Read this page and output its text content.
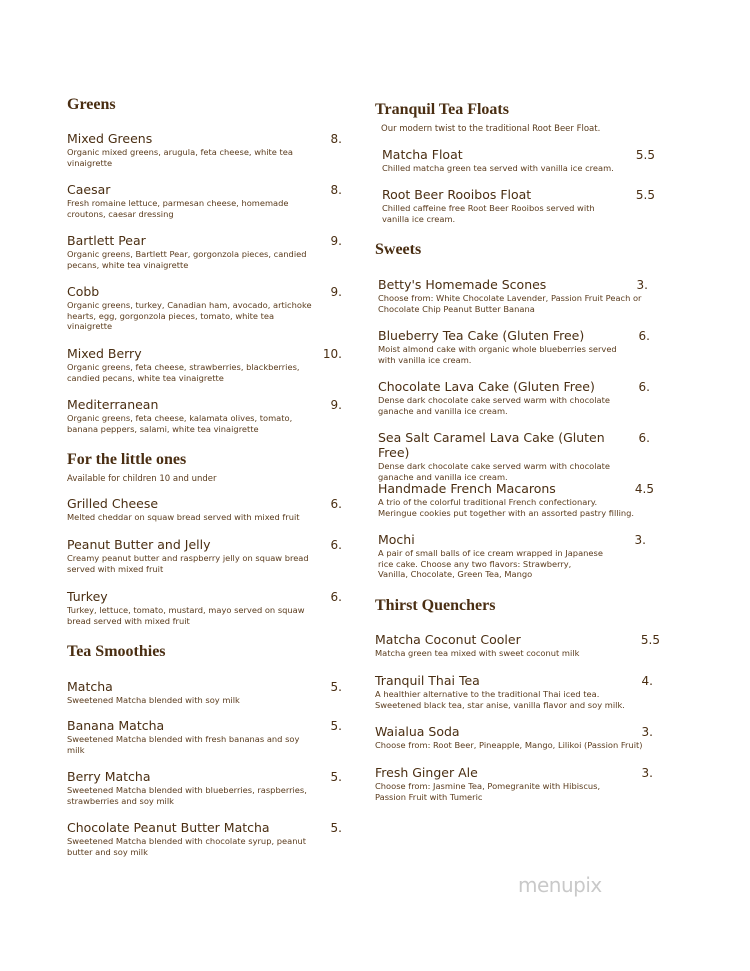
Greens
Mixed Greens	8.
Organic mixed greens, arugula, feta cheese, white tea vinaigrette
Caesar	8.
Fresh romaine lettuce, parmesan cheese, homemade croutons, caesar dressing
Bartlett Pear	9.
Organic greens, Bartlett Pear, gorgonzola pieces, candied pecans, white tea vinaigrette
Cobb	9.
Organic greens, turkey, Canadian ham, avocado, artichoke hearts, egg, gorgonzola pieces, tomato, white tea vinaigrette
Mixed Berry	10.
Organic greens, feta cheese, strawberries, blackberries, candied pecans, white tea vinaigrette
Mediterranean	9.
Organic greens, feta cheese, kalamata olives, tomato, banana peppers, salami, white tea vinaigrette
For the little ones
Available for children 10 and under
Grilled Cheese	6.
Melted cheddar on squaw bread served with mixed fruit
Peanut Butter and Jelly	6.
Creamy peanut butter and raspberry jelly on squaw bread served with mixed fruit
Turkey	6.
Turkey, lettuce, tomato, mustard, mayo served on squaw bread served with mixed fruit
Tea Smoothies
Matcha	5.
Sweetened Matcha blended with soy milk
Banana Matcha	5.
Sweetened Matcha blended with fresh bananas and soy milk
Berry Matcha	5.
Sweetened Matcha blended with blueberries, raspberries, strawberries and soy milk
Chocolate Peanut Butter Matcha	5.
Sweetened Matcha blended with chocolate syrup, peanut butter and soy milk
Tranquil Tea Floats
Our modern twist to the traditional Root Beer Float.
Matcha Float	5.5
Chilled matcha green tea served with vanilla ice cream.
Root Beer Rooibos Float	5.5
Chilled caffeine free Root Beer Rooibos served with vanilla ice cream.
Sweets
Betty's Homemade Scones	3.
Choose from: White Chocolate Lavender, Passion Fruit Peach or Chocolate Chip Peanut Butter Banana
Blueberry Tea Cake (Gluten Free)	6.
Moist almond cake with organic whole blueberries served with vanilla ice cream.
Chocolate Lava Cake (Gluten Free)	6.
Dense dark chocolate cake served warm with chocolate ganache and vanilla ice cream.
Sea Salt Caramel Lava Cake (Gluten Free)
6.
Dense dark chocolate cake served warm with chocolate ganache and vanilla ice cream.
Handmade French Macarons	4.5
A trio of the colorful traditional French confectionary. Meringue cookies put together with an assorted pastry filling.
Mochi	3.
A pair of small balls of ice cream wrapped in Japanese rice cake. Choose any two flavors: Strawberry, Vanilla, Chocolate, Green Tea, Mango
Thirst Quenchers
Matcha Coconut Cooler	5.5
Matcha green tea mixed with sweet coconut milk
Tranquil Thai Tea	4.
A healthier alternative to the traditional Thai iced tea. Sweetened black tea, star anise, vanilla flavor and soy milk.
Waialua Soda	3.
Choose from: Root Beer, Pineapple, Mango, Lilikoi (Passion Fruit)
Fresh Ginger Ale	3.
Choose from: Jasmine Tea, Pomegranite with Hibiscus, Passion Fruit with Tumeric
menupix
